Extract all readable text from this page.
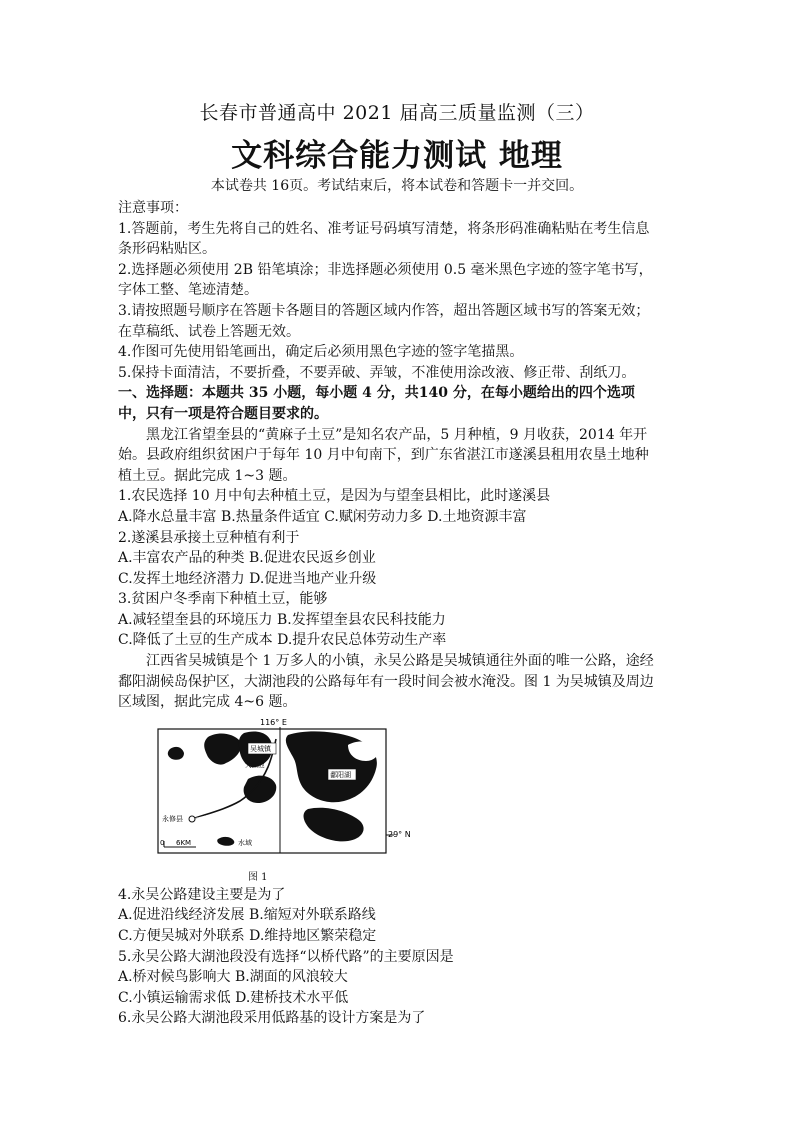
长春市普通高中 2021 届高三质量监测（三）
文科综合能力测试 地理
本试卷共 16页。考试结束后，将本试卷和答题卡一并交回。

注意事项：

1.答题前，考生先将自己的姓名、准考证号码填写清楚，将条形码准确粘贴在考生信息条形码粘贴区。

2.选择题必须使用 2B 铅笔填涂；非选择题必须使用 0.5 毫米黑色字迹的签字笔书写，字体工整、笔迹清楚。

3.请按照题号顺序在答题卡各题目的答题区域内作答，超出答题区域书写的答案无效；在草稿纸、试卷上答题无效。

4.作图可先使用铅笔画出，确定后必须用黑色字迹的签字笔描黑。

5.保持卡面清洁，不要折叠，不要弄破、弄皱，不准使用涂改液、修正带、刮纸刀。

一、选择题：本题共 35 小题，每小题 4 分，共140 分，在每小题给出的四个选项中，只有一项是符合题目要求的。

黑龙江省望奎县的“黄麻子土豆”是知名农产品，5 月种植，9 月收获，2014 年开始。县政府组织贫困户于每年 10 月中旬南下，到广东省湛江市遂溪县租用农垦土地种植土豆。据此完成 1~3 题。

1.农民选择 10 月中旬去种植土豆，是因为与望奎县相比，此时遂溪县

A.降水总量丰富 B.热量条件适宜 C.赋闲劳动力多 D.土地资源丰富

2.遂溪县承接土豆种植有利于

A.丰富农产品的种类 B.促进农民返乡创业

C.发挥土地经济潜力 D.促进当地产业升级

3.贫困户冬季南下种植土豆，能够

A.减轻望奎县的环境压力 B.发挥望奎县农民科技能力

C.降低了土豆的生产成本 D.提升农民总体劳动生产率

江西省吴城镇是个 1 万多人的小镇，永吴公路是吴城镇通往外面的唯一公路，途经鄱阳湖候岛保护区，大湖池段的公路每年有一段时间会被水淹没。图 1 为吴城镇及周边区域图，据此完成 4~6 题。

116° E
29° N
吴城镇
大湖池
鄱阳湖
永修县
0 6KM	水域
图 1

4.永吴公路建设主要是为了

A.促进沿线经济发展 B.缩短对外联系路线

C.方便吴城对外联系 D.维持地区繁荣稳定

5.永吴公路大湖池段没有选择“以桥代路”的主要原因是

A.桥对候鸟影响大 B.湖面的风浪较大

C.小镇运输需求低 D.建桥技术水平低

6.永吴公路大湖池段采用低路基的设计方案是为了
